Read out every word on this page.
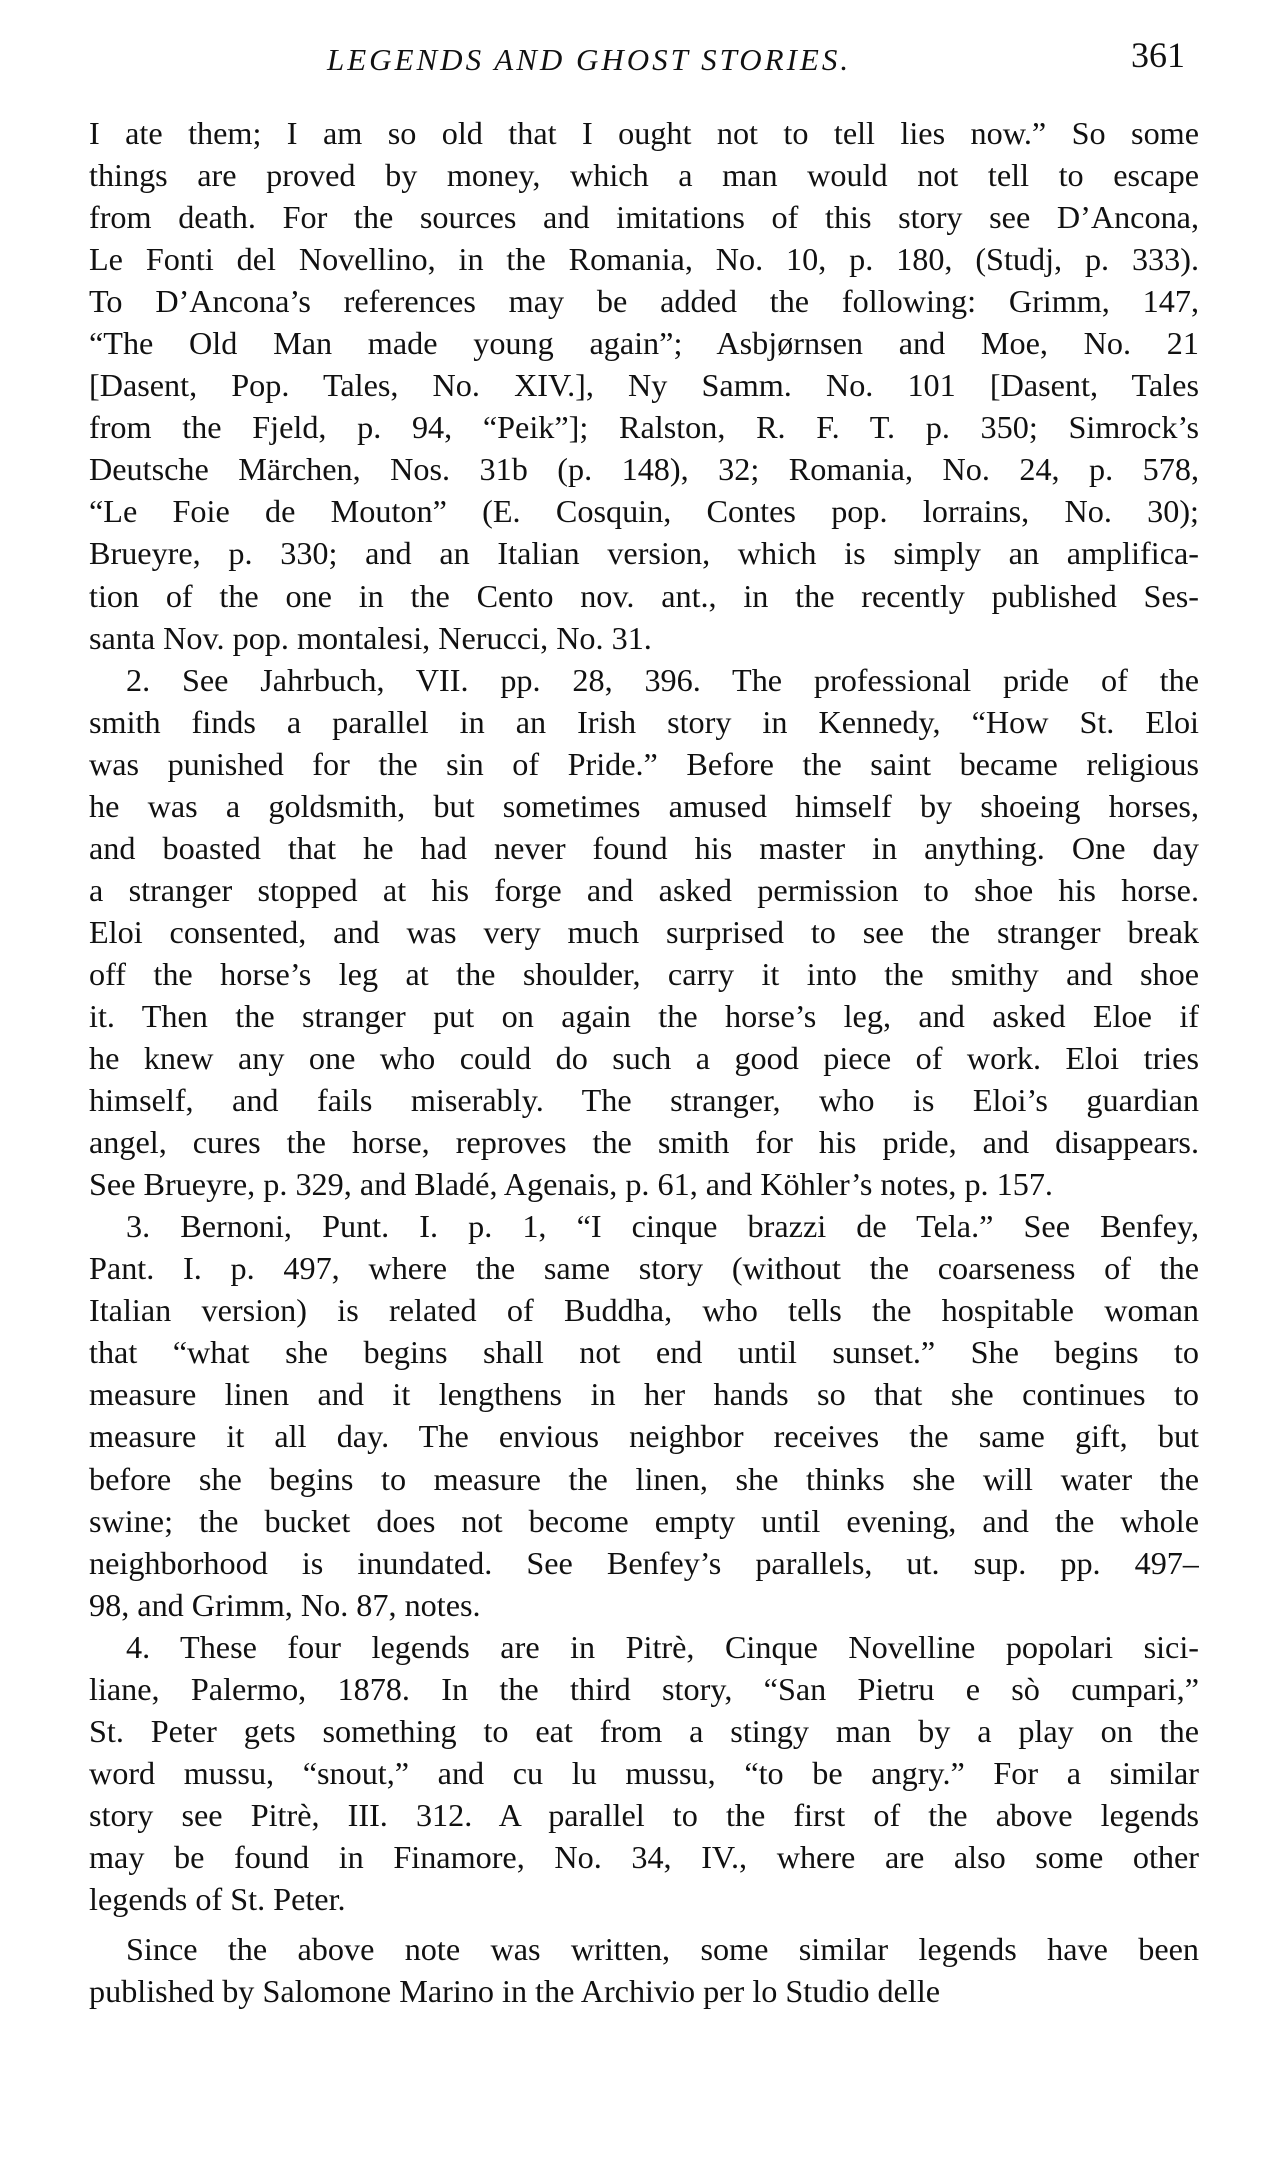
LEGENDS AND GHOST STORIES.	361
I ate them; I am so old that I ought not to tell lies now.” So some
things are proved by money, which a man would not tell to escape
from death. For the sources and imitations of this story see D’Ancona,
Le Fonti del Novellino, in the Romania, No. 10, p. 180, (Studj, p. 333).
To D’Ancona’s references may be added the following: Grimm, 147,
“The Old Man made young again”; Asbjørnsen and Moe, No. 21
[Dasent, Pop. Tales, No. XIV.], Ny Samm. No. 101 [Dasent, Tales
from the Fjeld, p. 94, “Peik”]; Ralston, R. F. T. p. 350; Simrock’s
Deutsche Märchen, Nos. 31b (p. 148), 32; Romania, No. 24, p. 578,
“Le Foie de Mouton” (E. Cosquin, Contes pop. lorrains, No. 30);
Brueyre, p. 330; and an Italian version, which is simply an amplifica-
tion of the one in the Cento nov. ant., in the recently published Ses-
santa Nov. pop. montalesi, Nerucci, No. 31.
2. See Jahrbuch, VII. pp. 28, 396. The professional pride of the
smith finds a parallel in an Irish story in Kennedy, “How St. Eloi
was punished for the sin of Pride.” Before the saint became religious
he was a goldsmith, but sometimes amused himself by shoeing horses,
and boasted that he had never found his master in anything. One day
a stranger stopped at his forge and asked permission to shoe his horse.
Eloi consented, and was very much surprised to see the stranger break
off the horse’s leg at the shoulder, carry it into the smithy and shoe
it. Then the stranger put on again the horse’s leg, and asked Eloe if
he knew any one who could do such a good piece of work. Eloi tries
himself, and fails miserably. The stranger, who is Eloi’s guardian
angel, cures the horse, reproves the smith for his pride, and disappears.
See Brueyre, p. 329, and Bladé, Agenais, p. 61, and Köhler’s notes, p. 157.
3. Bernoni, Punt. I. p. 1, “I cinque brazzi de Tela.” See Benfey,
Pant. I. p. 497, where the same story (without the coarseness of the
Italian version) is related of Buddha, who tells the hospitable woman
that “what she begins shall not end until sunset.” She begins to
measure linen and it lengthens in her hands so that she continues to
measure it all day. The envious neighbor receives the same gift, but
before she begins to measure the linen, she thinks she will water the
swine; the bucket does not become empty until evening, and the whole
neighborhood is inundated. See Benfey’s parallels, ut. sup. pp. 497–
98, and Grimm, No. 87, notes.
4. These four legends are in Pitrè, Cinque Novelline popolari sici-
liane, Palermo, 1878. In the third story, “San Pietru e sò cumpari,”
St. Peter gets something to eat from a stingy man by a play on the
word mussu, “snout,” and cu lu mussu, “to be angry.” For a similar
story see Pitrè, III. 312. A parallel to the first of the above legends
may be found in Finamore, No. 34, IV., where are also some other
legends of St. Peter.
Since the above note was written, some similar legends have been
published by Salomone Marino in the Archivio per lo Studio delle
